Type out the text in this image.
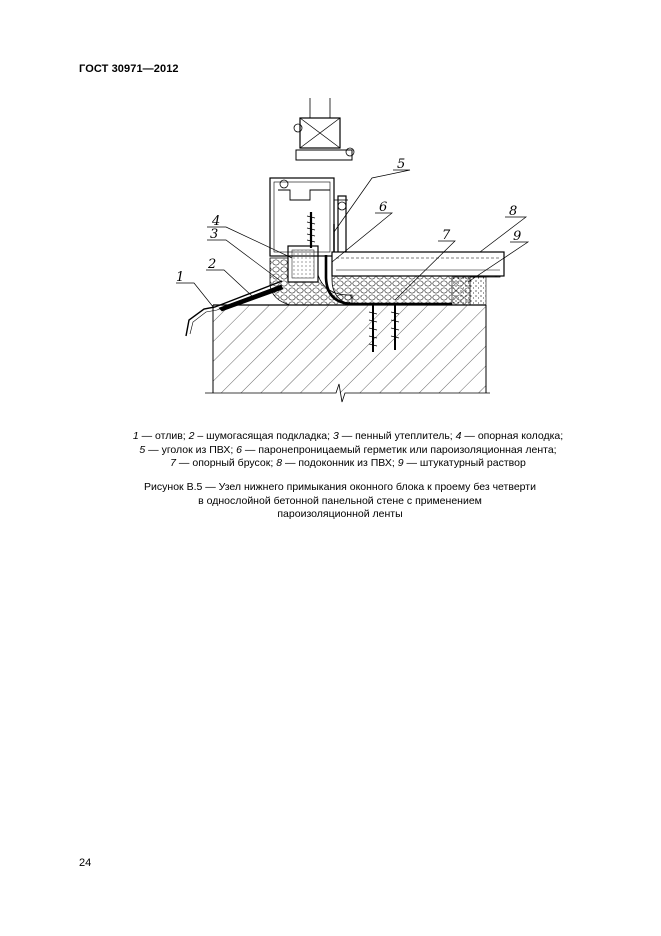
ГОСТ 30971—2012
1
2
3
4
5
6
7
8
9
1 — отлив; 2 – шумогасящая подкладка; 3 — пенный утеплитель; 4 — опорная колодка;
5 — уголок из ПВХ; 6 — паронепроницаемый герметик или пароизоляционная лента;
7 — опорный брусок; 8 — подоконник из ПВХ; 9 — штукатурный раствор
Рисунок В.5 — Узел нижнего примыкания оконного блока к проему без четверти
в однослойной бетонной панельной стене с применением
пароизоляционной ленты
24
